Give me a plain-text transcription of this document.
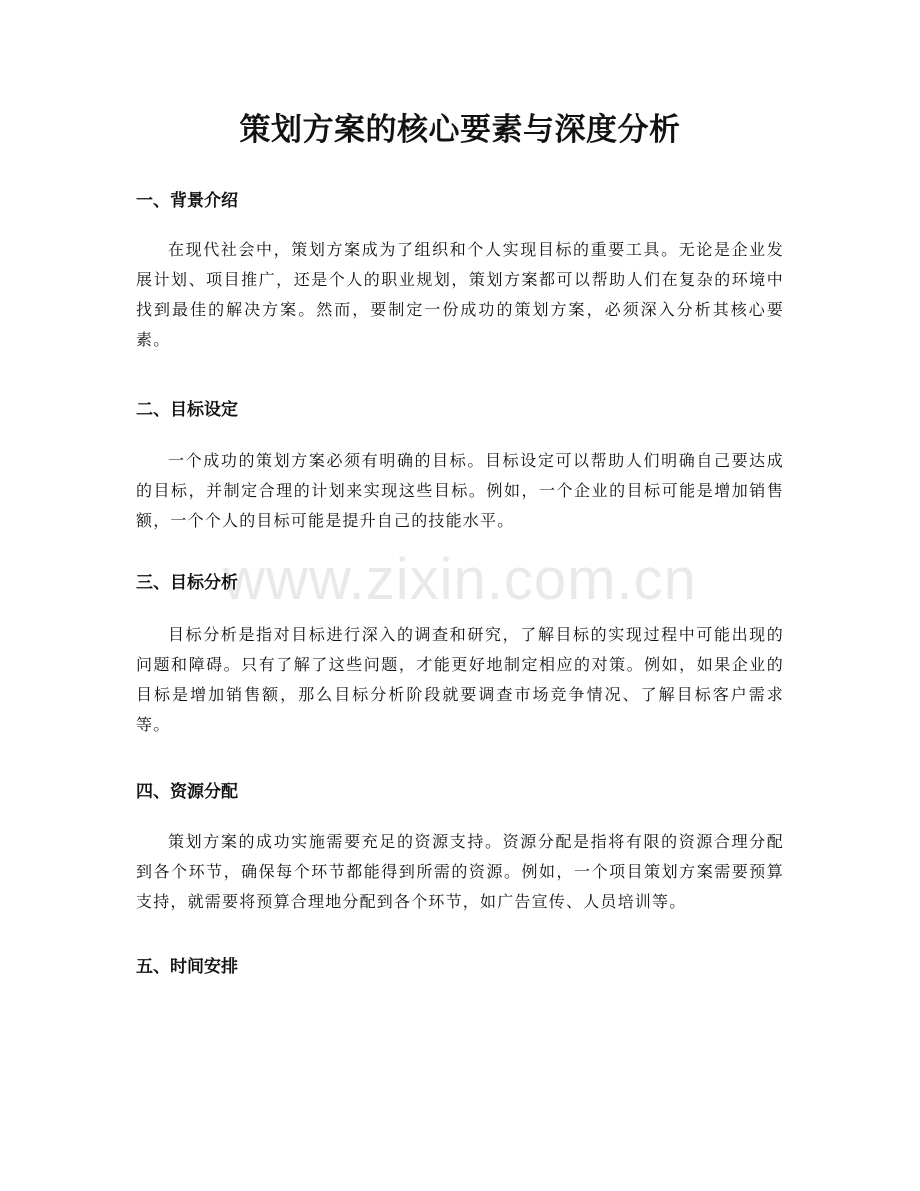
策划方案的核心要素与深度分析
一、背景介绍
在现代社会中，策划方案成为了组织和个人实现目标的重要工具。无论是企业发展计划、项目推广，还是个人的职业规划，策划方案都可以帮助人们在复杂的环境中找到最佳的解决方案。然而，要制定一份成功的策划方案，必须深入分析其核心要素。
二、目标设定
一个成功的策划方案必须有明确的目标。目标设定可以帮助人们明确自己要达成的目标，并制定合理的计划来实现这些目标。例如，一个企业的目标可能是增加销售额，一个个人的目标可能是提升自己的技能水平。
三、目标分析
目标分析是指对目标进行深入的调查和研究，了解目标的实现过程中可能出现的问题和障碍。只有了解了这些问题，才能更好地制定相应的对策。例如，如果企业的目标是增加销售额，那么目标分析阶段就要调查市场竞争情况、了解目标客户需求等。
四、资源分配
策划方案的成功实施需要充足的资源支持。资源分配是指将有限的资源合理分配到各个环节，确保每个环节都能得到所需的资源。例如，一个项目策划方案需要预算支持，就需要将预算合理地分配到各个环节，如广告宣传、人员培训等。
五、时间安排
www.zixin.com.cn
